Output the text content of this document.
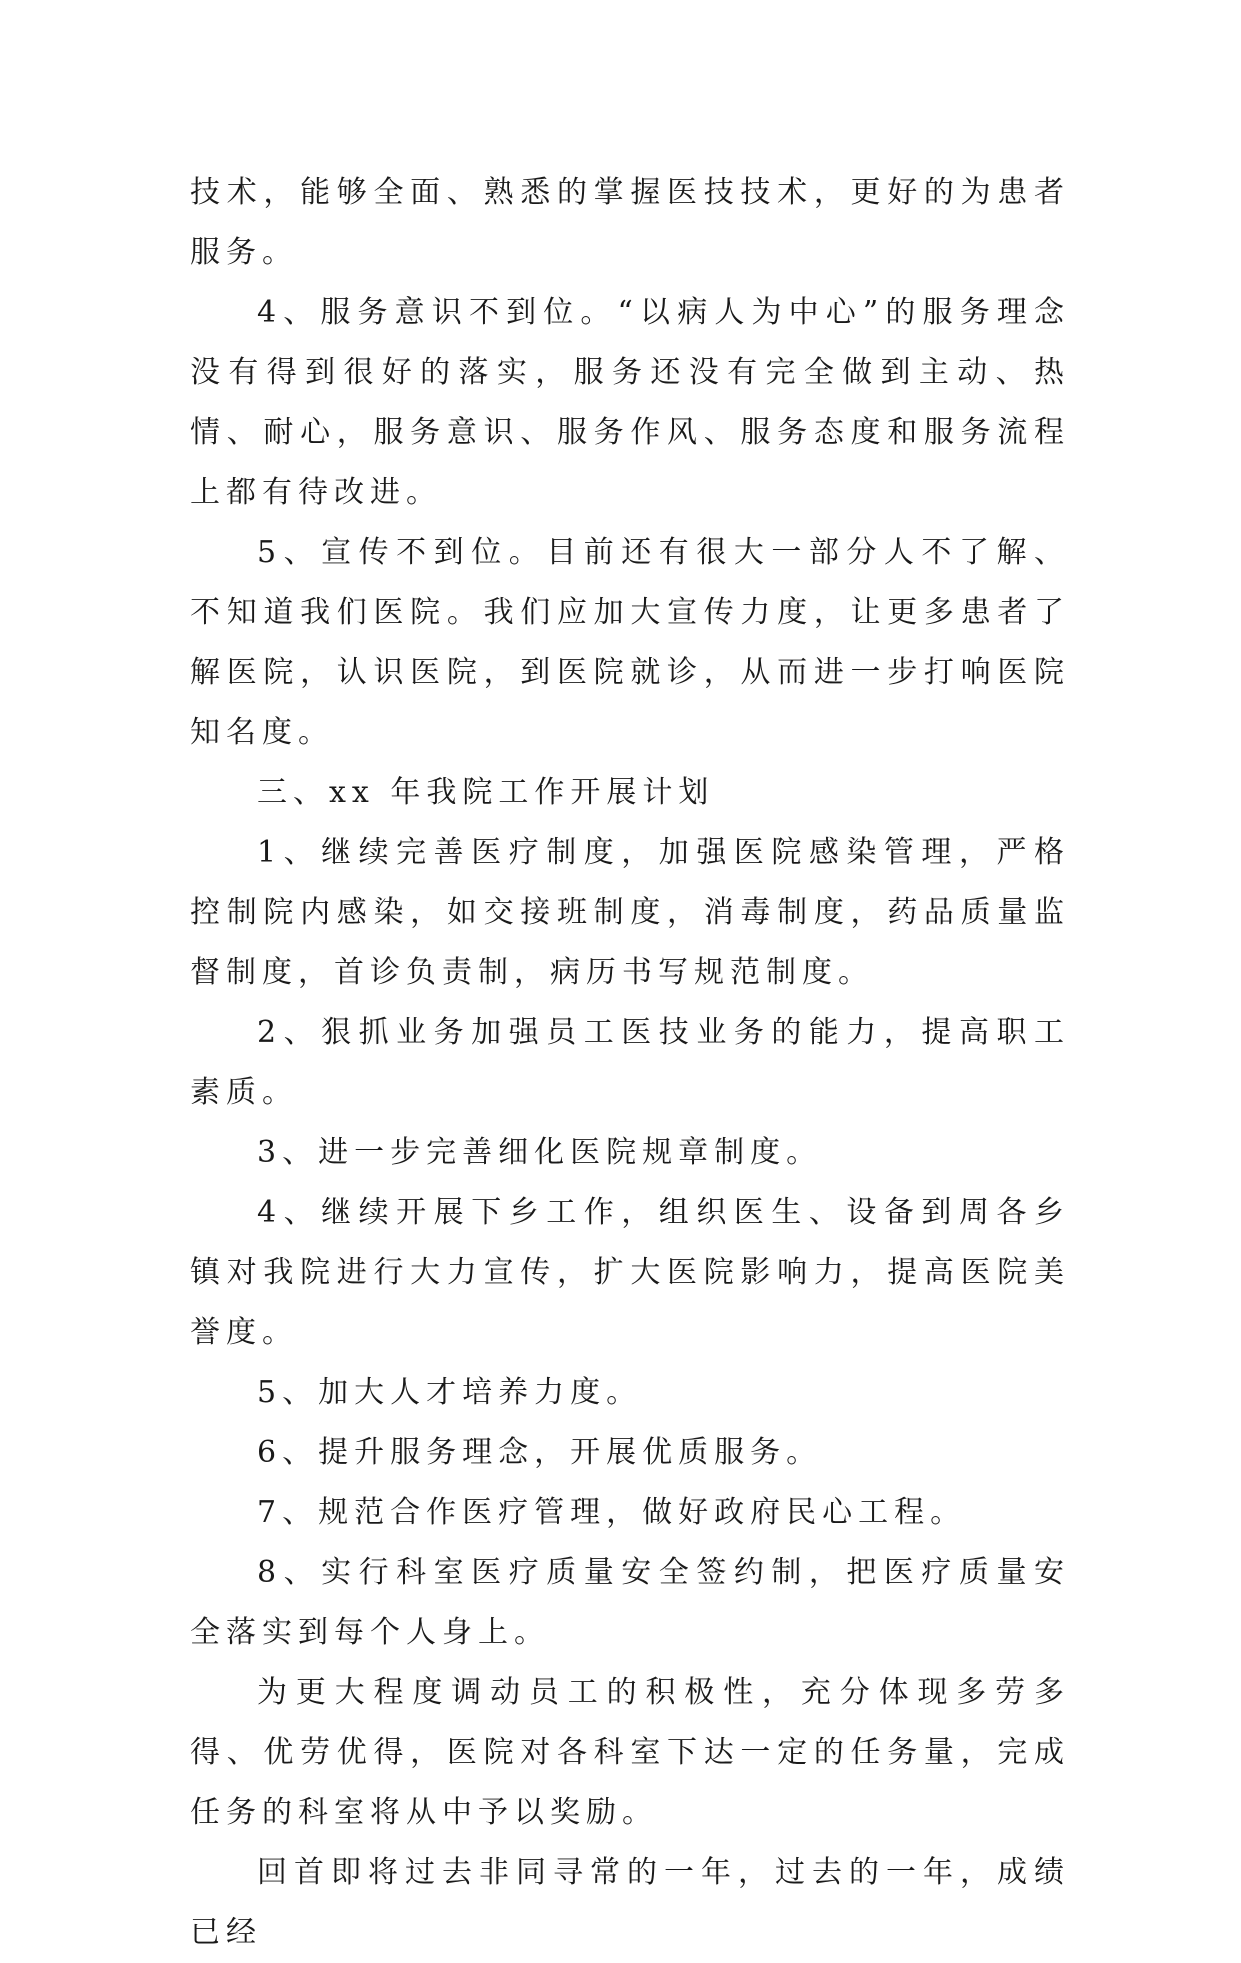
技术，能够全面、熟悉的掌握医技技术，更好的为患者服务。

4、服务意识不到位。“以病人为中心”的服务理念没有得到很好的落实，服务还没有完全做到主动、热情、耐心，服务意识、服务作风、服务态度和服务流程上都有待改进。

5、宣传不到位。目前还有很大一部分人不了解、不知道我们医院。我们应加大宣传力度，让更多患者了解医院，认识医院，到医院就诊，从而进一步打响医院知名度。

三、xx 年我院工作开展计划

1、继续完善医疗制度，加强医院感染管理，严格控制院内感染，如交接班制度，消毒制度，药品质量监督制度，首诊负责制，病历书写规范制度。

2、狠抓业务加强员工医技业务的能力，提高职工素质。

3、进一步完善细化医院规章制度。

4、继续开展下乡工作，组织医生、设备到周各乡镇对我院进行大力宣传，扩大医院影响力，提高医院美誉度。

5、加大人才培养力度。

6、提升服务理念，开展优质服务。

7、规范合作医疗管理，做好政府民心工程。

8、实行科室医疗质量安全签约制，把医疗质量安全落实到每个人身上。

为更大程度调动员工的积极性，充分体现多劳多得、优劳优得，医院对各科室下达一定的任务量，完成任务的科室将从中予以奖励。

回首即将过去非同寻常的一年，过去的一年，成绩已经
